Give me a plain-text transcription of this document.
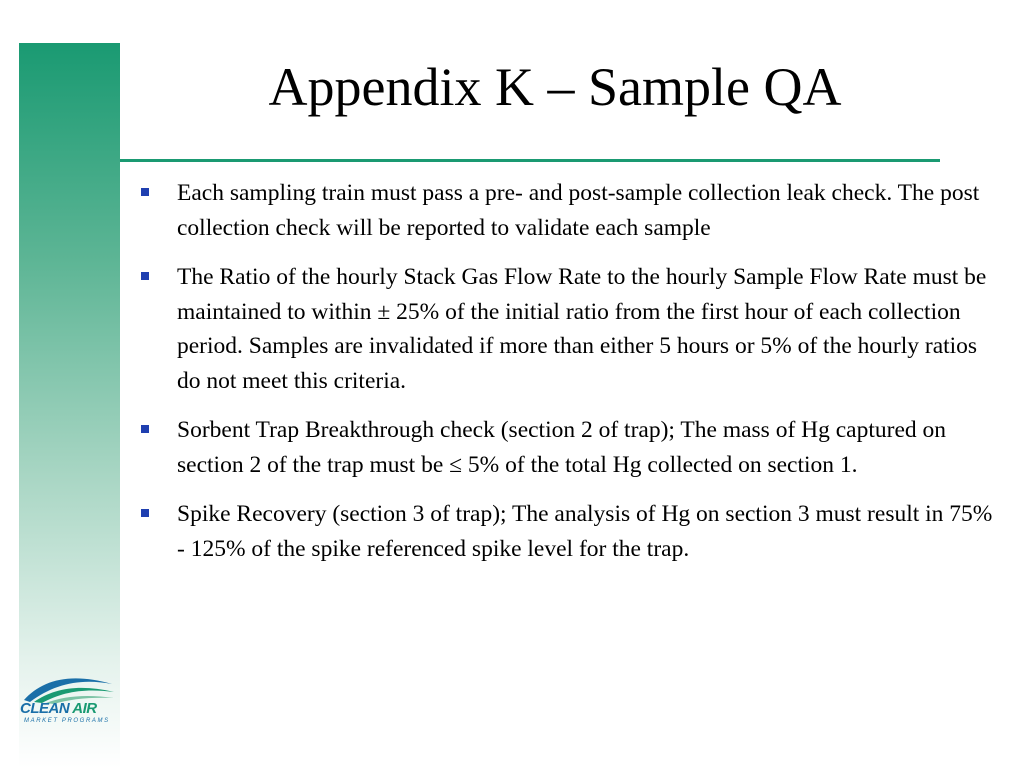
Appendix K – Sample QA
Each sampling train must pass a pre- and post-sample collection leak check. The post collection check will be reported to validate each sample
The Ratio of the hourly Stack Gas Flow Rate to the hourly Sample Flow Rate must be maintained to within ± 25% of the initial ratio from the first hour of each collection period. Samples are invalidated if more than either 5 hours or 5% of the hourly ratios do not meet this criteria.
Sorbent Trap Breakthrough check (section 2 of trap); The mass of Hg captured on section 2 of the trap must be ≤ 5% of the total Hg collected on section 1.
Spike Recovery (section 3 of trap); The analysis of Hg on section 3 must result in 75% - 125% of the spike referenced spike level for the trap.
CLEAN AIR
MARKET PROGRAMS
